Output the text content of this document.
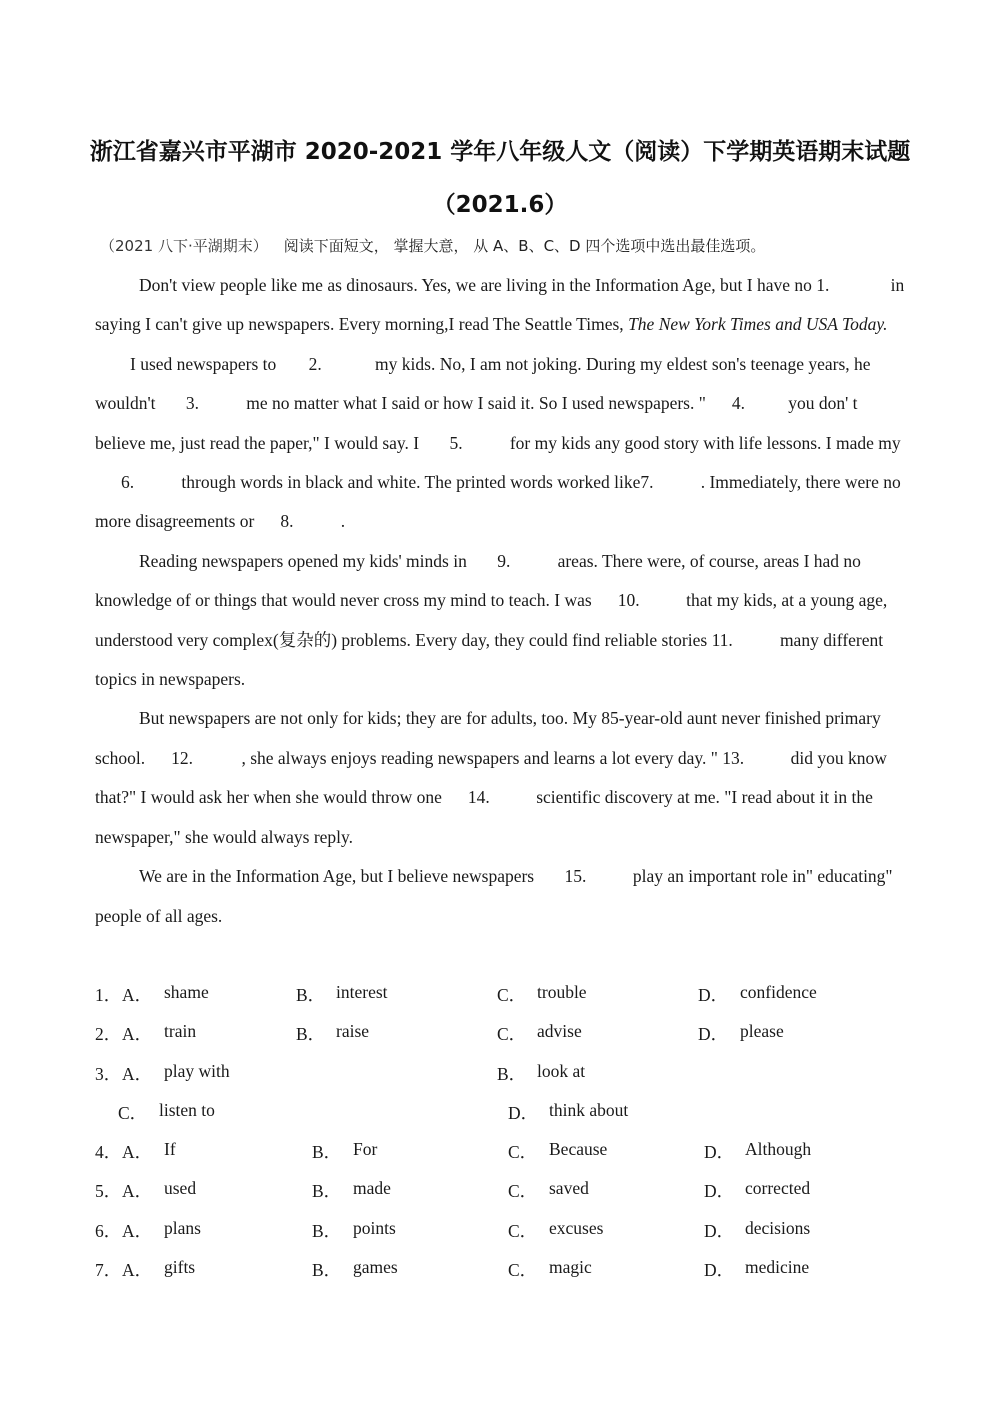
浙江省嘉兴市平湖市 2020-2021 学年八年级人文（阅读）下学期英语期末试题
（2021.6）
（2021 八下·平湖期末） 阅读下面短文， 掌握大意， 从 A、B、C、D 四个选项中选出最佳选项。

Don't view people like me as dinosaurs. Yes, we are living in the Information Age, but I have no 1.	in saying I can't give up newspapers. Every morning,I read The Seattle Times, The New York Times and USA Today.

I used newspapers to 2.	my kids. No, I am not joking. During my eldest son's teenage years, he wouldn't 3.	me no matter what I said or how I said it. So I used newspapers. " 4. you don' t believe me, just read the paper," I would say. I 5.	for my kids any good story with life lessons. I made my 6.	through words in black and white. The printed words worked like7.	. Immediately, there were no more disagreements or 8.	.

Reading newspapers opened my kids' minds in 9.	areas. There were, of course, areas I had no knowledge of or things that would never cross my mind to teach. I was 10.	that my kids, at a young age, understood very complex(复杂的) problems. Every day, they could find reliable stories 11.	many different topics in newspapers.

But newspapers are not only for kids; they are for adults, too. My 85-year-old aunt never finished primary school. 12.	, she always enjoys reading newspapers and learns a lot every day. " 13.	did you know that?" I would ask her when she would throw one 14.	scientific discovery at me. "I read about it in the newspaper," she would always reply.

We are in the Information Age, but I believe newspapers 15.	play an important role in" educating" people of all ages.

1． A． shame	B． interest	C． trouble	D． confidence
2． A． train	B． raise	C． advise	D． please
3． A． play with	B． look at
C． listen to	D． think about
4． A． If	B． For	C． Because	D． Although
5． A． used	B． made	C． saved	D． corrected
6． A． plans	B． points	C． excuses	D． decisions
7． A． gifts	B． games	C． magic	D． medicine
